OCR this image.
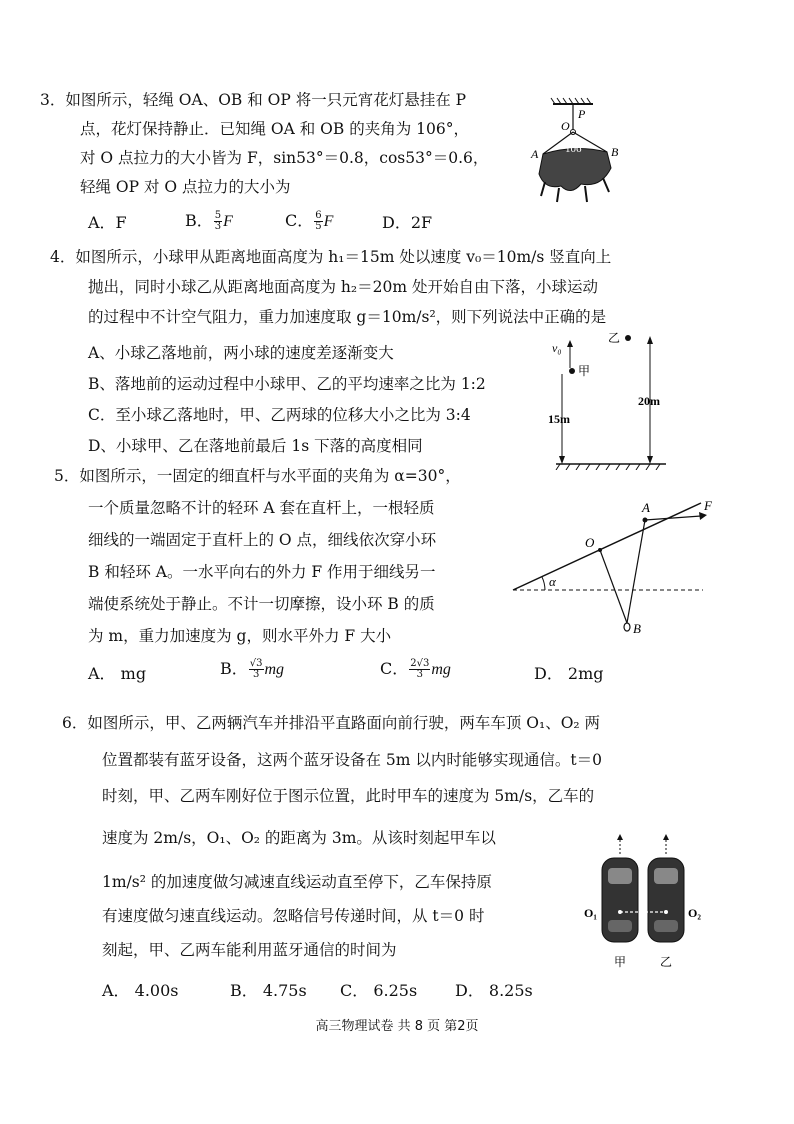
3．如图所示，轻绳 OA、OB 和 OP 将一只元宵花灯悬挂在 P
点，花灯保持静止．已知绳 OA 和 OB 的夹角为 106°，
对 O 点拉力的大小皆为 F，sin53°＝0.8，cos53°＝0.6，
轻绳 OP 对 O 点拉力的大小为
A．F	B． $\frac{5}{3}$ F	C． $\frac{6}{5}$ F	D．2F
P
O
A	B
106°
4．如图所示，小球甲从距离地面高度为 h₁＝15m 处以速度 v₀＝10m/s 竖直向上
抛出，同时小球乙从距离地面高度为 h₂＝20m 处开始自由下落，小球运动
的过程中不计空气阻力，重力加速度取 g＝10m/s²，则下列说法中正确的是
A、小球乙落地前，两小球的速度差逐渐变大
B、落地前的运动过程中小球甲、乙的平均速率之比为 1:2
C．至小球乙落地时，甲、乙两球的位移大小之比为 3:4
D、小球甲、乙在落地前最后 1s 下落的高度相同
v₀
甲
乙
15m
20m
5．如图所示，一固定的细直杆与水平面的夹角为 α=30°，
一个质量忽略不计的轻环 A 套在直杆上，一根轻质
细线的一端固定于直杆上的 O 点，细线依次穿小环
B 和轻环 A。一水平向右的外力 F 作用于细线另一
端使系统处于静止。不计一切摩擦，设小环 B 的质
为 m，重力加速度为 g，则水平外力 F 大小
A． mg	B． $\frac{√3}{3}$ mg	C． $\frac{2√3}{3}$ mg	D． 2mg
A	F
O
α
B
6．如图所示，甲、乙两辆汽车并排沿平直路面向前行驶，两车车顶 O₁、O₂ 两
位置都装有蓝牙设备，这两个蓝牙设备在 5m 以内时能够实现通信。t＝0
时刻，甲、乙两车刚好位于图示位置，此时甲车的速度为 5m/s，乙车的
速度为 2m/s，O₁、O₂ 的距离为 3m。从该时刻起甲车以
1m/s² 的加速度做匀减速直线运动直至停下，乙车保持原
有速度做匀速直线运动。忽略信号传递时间，从 t＝0 时
刻起，甲、乙两车能利用蓝牙通信的时间为
A． 4.00s	B． 4.75s C． 6.25s D． 8.25s
O₁	O₂
甲	乙
高三物理试卷 共 8 页 第2页
